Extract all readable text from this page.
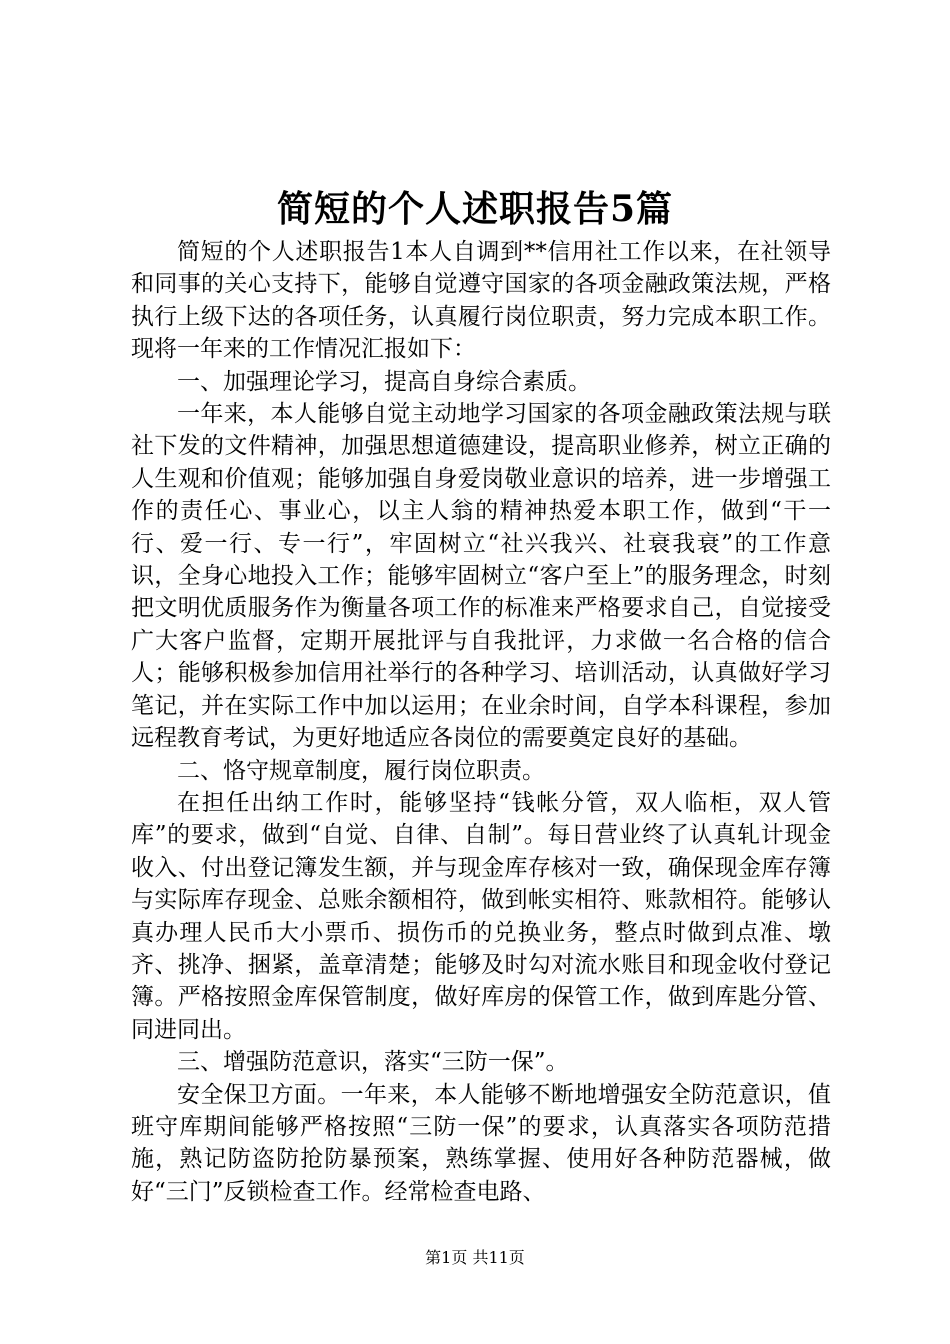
简短的个人述职报告5篇

简短的个人述职报告1本人自调到**信用社工作以来，在社领导和同事的关心支持下，能够自觉遵守国家的各项金融政策法规，严格执行上级下达的各项任务，认真履行岗位职责，努力完成本职工作。现将一年来的工作情况汇报如下：

一、加强理论学习，提高自身综合素质。

一年来，本人能够自觉主动地学习国家的各项金融政策法规与联社下发的文件精神，加强思想道德建设，提高职业修养，树立正确的人生观和价值观；能够加强自身爱岗敬业意识的培养，进一步增强工作的责任心、事业心，以主人翁的精神热爱本职工作，做到“干一行、爱一行、专一行”，牢固树立“社兴我兴、社衰我衰”的工作意识，全身心地投入工作；能够牢固树立“客户至上”的服务理念，时刻把文明优质服务作为衡量各项工作的标准来严格要求自己，自觉接受广大客户监督，定期开展批评与自我批评，力求做一名合格的信合人；能够积极参加信用社举行的各种学习、培训活动，认真做好学习笔记，并在实际工作中加以运用；在业余时间，自学本科课程，参加远程教育考试，为更好地适应各岗位的需要奠定良好的基础。

二、恪守规章制度，履行岗位职责。

在担任出纳工作时，能够坚持“钱帐分管，双人临柜，双人管库”的要求，做到“自觉、自律、自制”。每日营业终了认真轧计现金收入、付出登记簿发生额，并与现金库存核对一致，确保现金库存簿与实际库存现金、总账余额相符，做到帐实相符、账款相符。能够认真办理人民币大小票币、损伤币的兑换业务，整点时做到点准、墩齐、挑净、捆紧，盖章清楚；能够及时勾对流水账目和现金收付登记簿。严格按照金库保管制度，做好库房的保管工作，做到库匙分管、同进同出。

三、增强防范意识，落实“三防一保”。

安全保卫方面。一年来，本人能够不断地增强安全防范意识，值班守库期间能够严格按照“三防一保”的要求，认真落实各项防范措施，熟记防盗防抢防暴预案，熟练掌握、使用好各种防范器械，做好“三门”反锁检查工作。经常检查电路、

第1页 共11页
